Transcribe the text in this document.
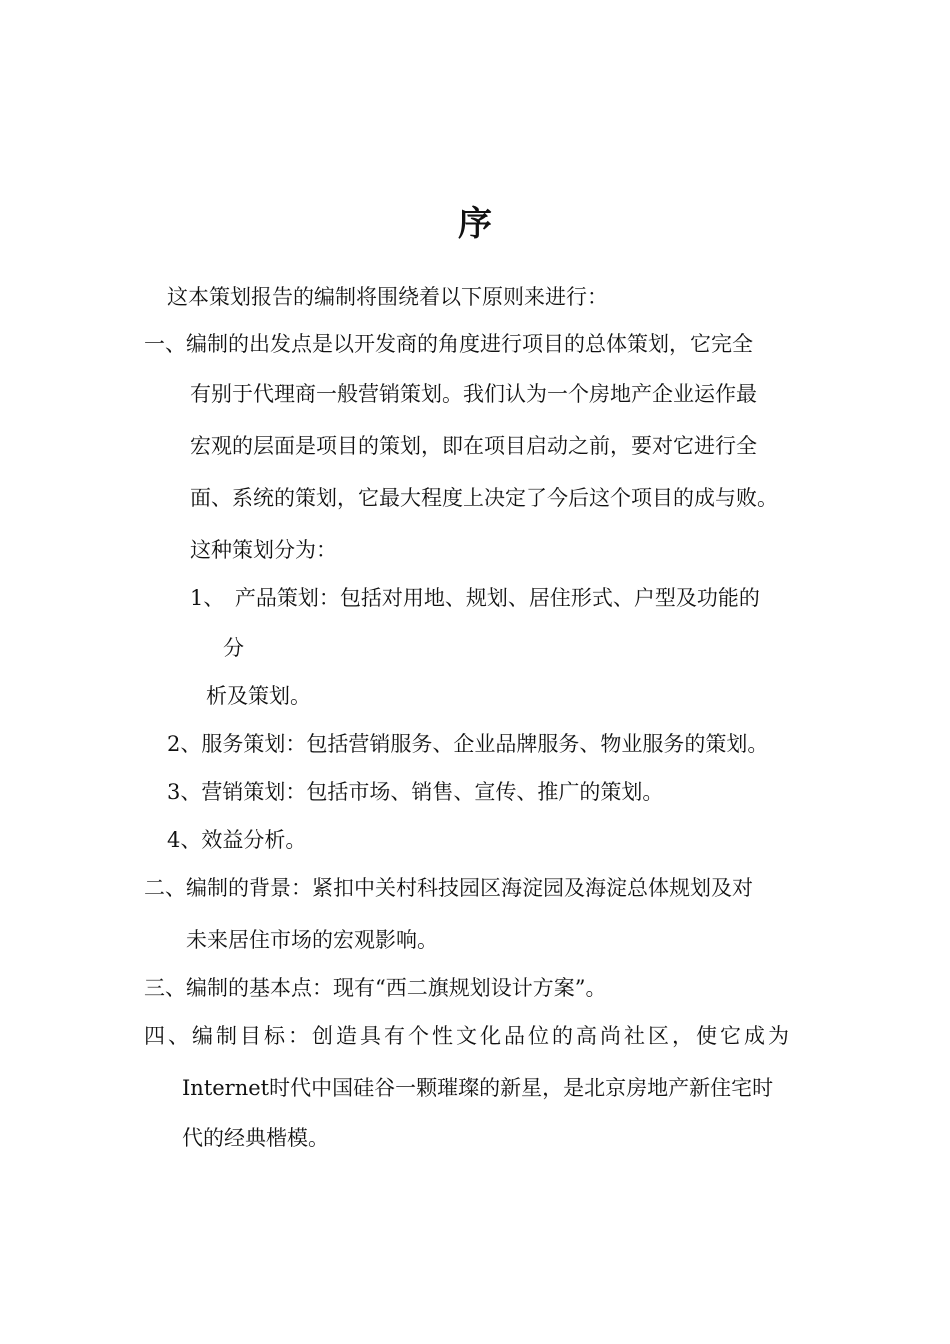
序
这本策划报告的编制将围绕着以下原则来进行：
一、编制的出发点是以开发商的角度进行项目的总体策划，它完全
有别于代理商一般营销策划。我们认为一个房地产企业运作最
宏观的层面是项目的策划，即在项目启动之前，要对它进行全
面、系统的策划，它最大程度上决定了今后这个项目的成与败。
这种策划分为：
1、　产品策划：包括对用地、规划、居住形式、户型及功能的
分
析及策划。
2、服务策划：包括营销服务、企业品牌服务、物业服务的策划。
3、营销策划：包括市场、销售、宣传、推广的策划。
4、效益分析。
二、编制的背景：紧扣中关村科技园区海淀园及海淀总体规划及对
未来居住市场的宏观影响。
三、编制的基本点：现有“西二旗规划设计方案”。
四、编制目标：创造具有个性文化品位的高尚社区，使它成为
Internet时代中国硅谷一颗璀璨的新星，是北京房地产新住宅时
代的经典楷模。
